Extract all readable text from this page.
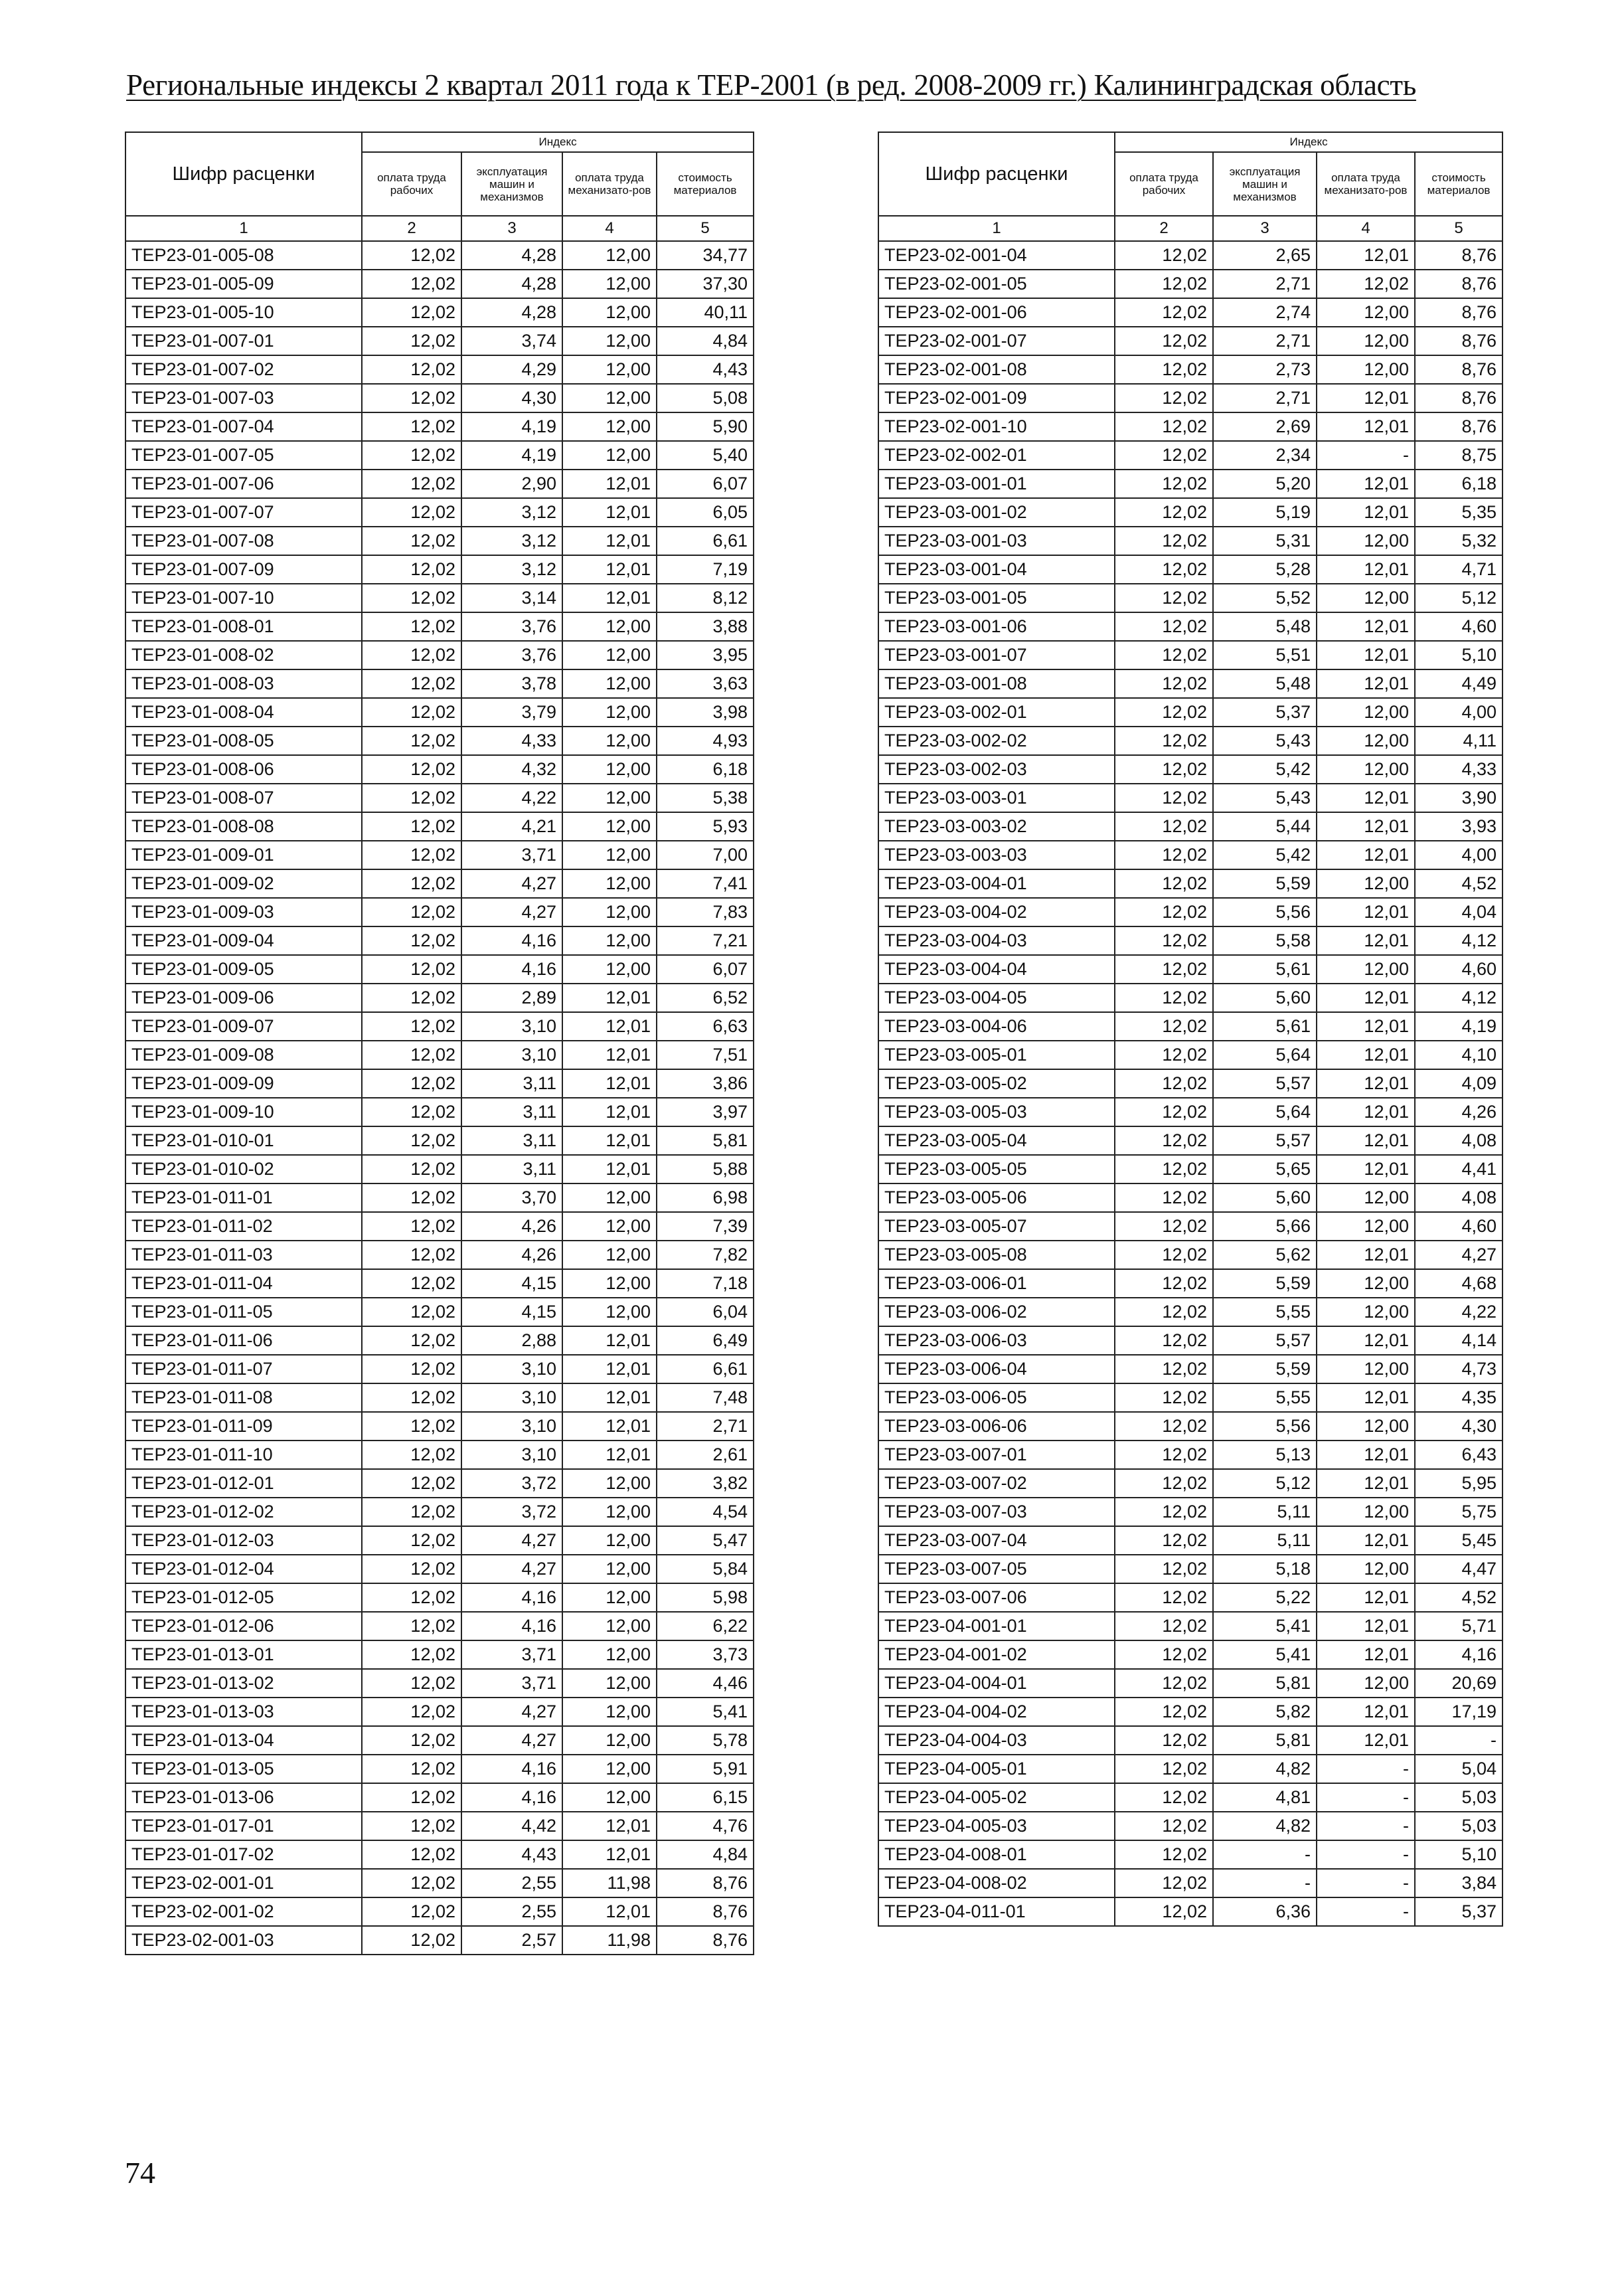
Региональные индексы 2 квартал 2011 года к ТЕР-2001 (в ред. 2008-2009 гг.) Калининградская область
Шифр расценки	Индекс			
	оплата труда рабочих	эксплуатация машин и механизмов	оплата труда механизато-ров	стоимость материалов
1	2	3	4	5
ТЕР23-01-005-08	12,02	4,28	12,00	34,77
ТЕР23-01-005-09	12,02	4,28	12,00	37,30
ТЕР23-01-005-10	12,02	4,28	12,00	40,11
ТЕР23-01-007-01	12,02	3,74	12,00	4,84
ТЕР23-01-007-02	12,02	4,29	12,00	4,43
ТЕР23-01-007-03	12,02	4,30	12,00	5,08
ТЕР23-01-007-04	12,02	4,19	12,00	5,90
ТЕР23-01-007-05	12,02	4,19	12,00	5,40
ТЕР23-01-007-06	12,02	2,90	12,01	6,07
ТЕР23-01-007-07	12,02	3,12	12,01	6,05
ТЕР23-01-007-08	12,02	3,12	12,01	6,61
ТЕР23-01-007-09	12,02	3,12	12,01	7,19
ТЕР23-01-007-10	12,02	3,14	12,01	8,12
ТЕР23-01-008-01	12,02	3,76	12,00	3,88
ТЕР23-01-008-02	12,02	3,76	12,00	3,95
ТЕР23-01-008-03	12,02	3,78	12,00	3,63
ТЕР23-01-008-04	12,02	3,79	12,00	3,98
ТЕР23-01-008-05	12,02	4,33	12,00	4,93
ТЕР23-01-008-06	12,02	4,32	12,00	6,18
ТЕР23-01-008-07	12,02	4,22	12,00	5,38
ТЕР23-01-008-08	12,02	4,21	12,00	5,93
ТЕР23-01-009-01	12,02	3,71	12,00	7,00
ТЕР23-01-009-02	12,02	4,27	12,00	7,41
ТЕР23-01-009-03	12,02	4,27	12,00	7,83
ТЕР23-01-009-04	12,02	4,16	12,00	7,21
ТЕР23-01-009-05	12,02	4,16	12,00	6,07
ТЕР23-01-009-06	12,02	2,89	12,01	6,52
ТЕР23-01-009-07	12,02	3,10	12,01	6,63
ТЕР23-01-009-08	12,02	3,10	12,01	7,51
ТЕР23-01-009-09	12,02	3,11	12,01	3,86
ТЕР23-01-009-10	12,02	3,11	12,01	3,97
ТЕР23-01-010-01	12,02	3,11	12,01	5,81
ТЕР23-01-010-02	12,02	3,11	12,01	5,88
ТЕР23-01-011-01	12,02	3,70	12,00	6,98
ТЕР23-01-011-02	12,02	4,26	12,00	7,39
ТЕР23-01-011-03	12,02	4,26	12,00	7,82
ТЕР23-01-011-04	12,02	4,15	12,00	7,18
ТЕР23-01-011-05	12,02	4,15	12,00	6,04
ТЕР23-01-011-06	12,02	2,88	12,01	6,49
ТЕР23-01-011-07	12,02	3,10	12,01	6,61
ТЕР23-01-011-08	12,02	3,10	12,01	7,48
ТЕР23-01-011-09	12,02	3,10	12,01	2,71
ТЕР23-01-011-10	12,02	3,10	12,01	2,61
ТЕР23-01-012-01	12,02	3,72	12,00	3,82
ТЕР23-01-012-02	12,02	3,72	12,00	4,54
ТЕР23-01-012-03	12,02	4,27	12,00	5,47
ТЕР23-01-012-04	12,02	4,27	12,00	5,84
ТЕР23-01-012-05	12,02	4,16	12,00	5,98
ТЕР23-01-012-06	12,02	4,16	12,00	6,22
ТЕР23-01-013-01	12,02	3,71	12,00	3,73
ТЕР23-01-013-02	12,02	3,71	12,00	4,46
ТЕР23-01-013-03	12,02	4,27	12,00	5,41
ТЕР23-01-013-04	12,02	4,27	12,00	5,78
ТЕР23-01-013-05	12,02	4,16	12,00	5,91
ТЕР23-01-013-06	12,02	4,16	12,00	6,15
ТЕР23-01-017-01	12,02	4,42	12,01	4,76
ТЕР23-01-017-02	12,02	4,43	12,01	4,84
ТЕР23-02-001-01	12,02	2,55	11,98	8,76
ТЕР23-02-001-02	12,02	2,55	12,01	8,76
ТЕР23-02-001-03	12,02	2,57	11,98	8,76
Шифр расценки	Индекс			
	оплата труда рабочих	эксплуатация машин и механизмов	оплата труда механизато-ров	стоимость материалов
1	2	3	4	5
ТЕР23-02-001-04	12,02	2,65	12,01	8,76
ТЕР23-02-001-05	12,02	2,71	12,02	8,76
ТЕР23-02-001-06	12,02	2,74	12,00	8,76
ТЕР23-02-001-07	12,02	2,71	12,00	8,76
ТЕР23-02-001-08	12,02	2,73	12,00	8,76
ТЕР23-02-001-09	12,02	2,71	12,01	8,76
ТЕР23-02-001-10	12,02	2,69	12,01	8,76
ТЕР23-02-002-01	12,02	2,34	-	8,75
ТЕР23-03-001-01	12,02	5,20	12,01	6,18
ТЕР23-03-001-02	12,02	5,19	12,01	5,35
ТЕР23-03-001-03	12,02	5,31	12,00	5,32
ТЕР23-03-001-04	12,02	5,28	12,01	4,71
ТЕР23-03-001-05	12,02	5,52	12,00	5,12
ТЕР23-03-001-06	12,02	5,48	12,01	4,60
ТЕР23-03-001-07	12,02	5,51	12,01	5,10
ТЕР23-03-001-08	12,02	5,48	12,01	4,49
ТЕР23-03-002-01	12,02	5,37	12,00	4,00
ТЕР23-03-002-02	12,02	5,43	12,00	4,11
ТЕР23-03-002-03	12,02	5,42	12,00	4,33
ТЕР23-03-003-01	12,02	5,43	12,01	3,90
ТЕР23-03-003-02	12,02	5,44	12,01	3,93
ТЕР23-03-003-03	12,02	5,42	12,01	4,00
ТЕР23-03-004-01	12,02	5,59	12,00	4,52
ТЕР23-03-004-02	12,02	5,56	12,01	4,04
ТЕР23-03-004-03	12,02	5,58	12,01	4,12
ТЕР23-03-004-04	12,02	5,61	12,00	4,60
ТЕР23-03-004-05	12,02	5,60	12,01	4,12
ТЕР23-03-004-06	12,02	5,61	12,01	4,19
ТЕР23-03-005-01	12,02	5,64	12,01	4,10
ТЕР23-03-005-02	12,02	5,57	12,01	4,09
ТЕР23-03-005-03	12,02	5,64	12,01	4,26
ТЕР23-03-005-04	12,02	5,57	12,01	4,08
ТЕР23-03-005-05	12,02	5,65	12,01	4,41
ТЕР23-03-005-06	12,02	5,60	12,00	4,08
ТЕР23-03-005-07	12,02	5,66	12,00	4,60
ТЕР23-03-005-08	12,02	5,62	12,01	4,27
ТЕР23-03-006-01	12,02	5,59	12,00	4,68
ТЕР23-03-006-02	12,02	5,55	12,00	4,22
ТЕР23-03-006-03	12,02	5,57	12,01	4,14
ТЕР23-03-006-04	12,02	5,59	12,00	4,73
ТЕР23-03-006-05	12,02	5,55	12,01	4,35
ТЕР23-03-006-06	12,02	5,56	12,00	4,30
ТЕР23-03-007-01	12,02	5,13	12,01	6,43
ТЕР23-03-007-02	12,02	5,12	12,01	5,95
ТЕР23-03-007-03	12,02	5,11	12,00	5,75
ТЕР23-03-007-04	12,02	5,11	12,01	5,45
ТЕР23-03-007-05	12,02	5,18	12,00	4,47
ТЕР23-03-007-06	12,02	5,22	12,01	4,52
ТЕР23-04-001-01	12,02	5,41	12,01	5,71
ТЕР23-04-001-02	12,02	5,41	12,01	4,16
ТЕР23-04-004-01	12,02	5,81	12,00	20,69
ТЕР23-04-004-02	12,02	5,82	12,01	17,19
ТЕР23-04-004-03	12,02	5,81	12,01	-
ТЕР23-04-005-01	12,02	4,82	-	5,04
ТЕР23-04-005-02	12,02	4,81	-	5,03
ТЕР23-04-005-03	12,02	4,82	-	5,03
ТЕР23-04-008-01	12,02	-	-	5,10
ТЕР23-04-008-02	12,02	-	-	3,84
ТЕР23-04-011-01	12,02	6,36	-	5,37
74
